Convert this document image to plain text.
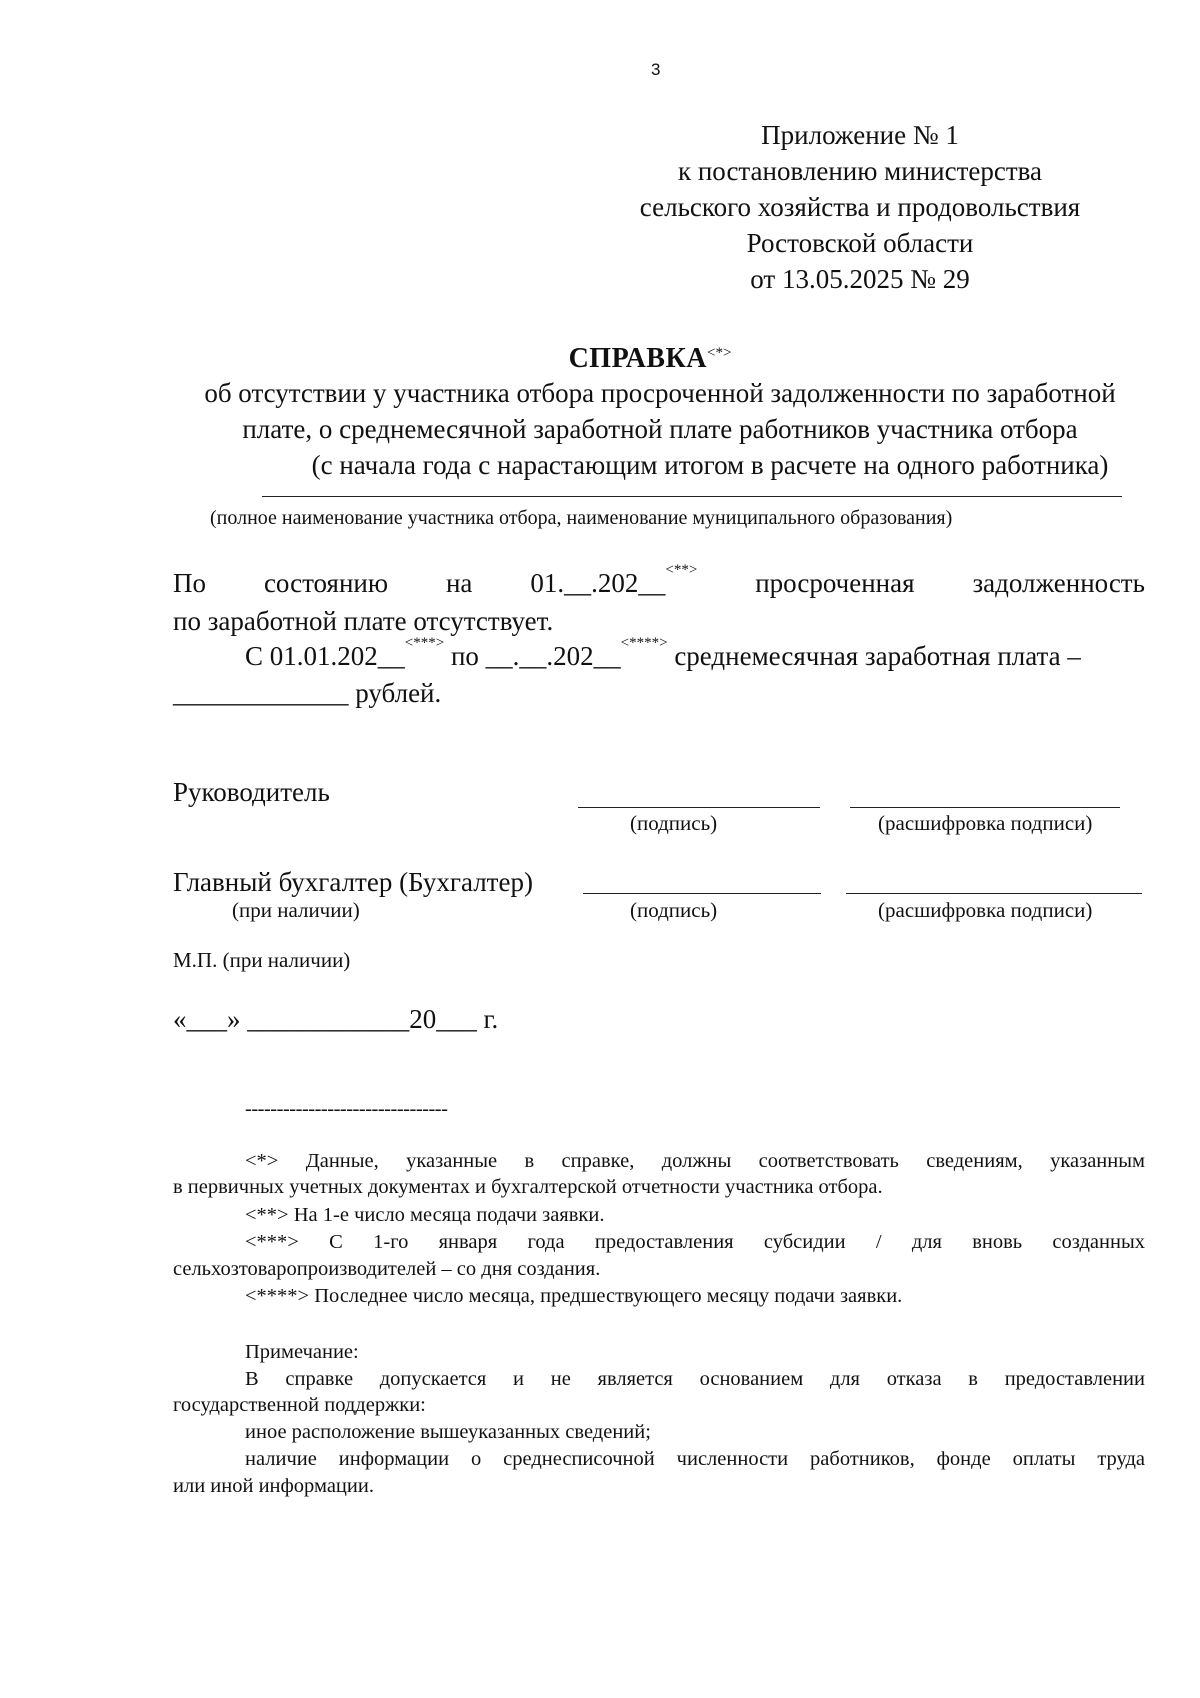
3
Приложение № 1
к постановлению министерства
сельского хозяйства и продовольствия
Ростовской области
от 13.05.2025 № 29
СПРАВКА<*>
об отсутствии у участника отбора просроченной задолженности по заработной
плате, о среднемесячной заработной плате работников участника отбора
(с начала года с нарастающим итогом в расчете на одного работника)
(полное наименование участника отбора, наименование муниципального образования)
По состоянию на 01.__.202__<**> просроченная задолженность
по заработной плате отсутствует.
С 01.01.202__<***> по __.__.202__<****> среднемесячная заработная плата –
_____________ рублей.
Руководитель
(подпись)	(расшифровка подписи)
Главный бухгалтер (Бухгалтер)
(при наличии)	(подпись)	(расшифровка подписи)
М.П. (при наличии)
«___» ____________20___ г.
--------------------------------
<*> Данные, указанные в справке, должны соответствовать сведениям, указанным
в первичных учетных документах и бухгалтерской отчетности участника отбора.
<**> На 1-е число месяца подачи заявки.
<***> С 1-го января года предоставления субсидии / для вновь созданных
сельхозтоваропроизводителей – со дня создания.
<****> Последнее число месяца, предшествующего месяцу подачи заявки.
Примечание:
В справке допускается и не является основанием для отказа в предоставлении
государственной поддержки:
иное расположение вышеуказанных сведений;
наличие информации о среднесписочной численности работников, фонде оплаты труда
или иной информации.
